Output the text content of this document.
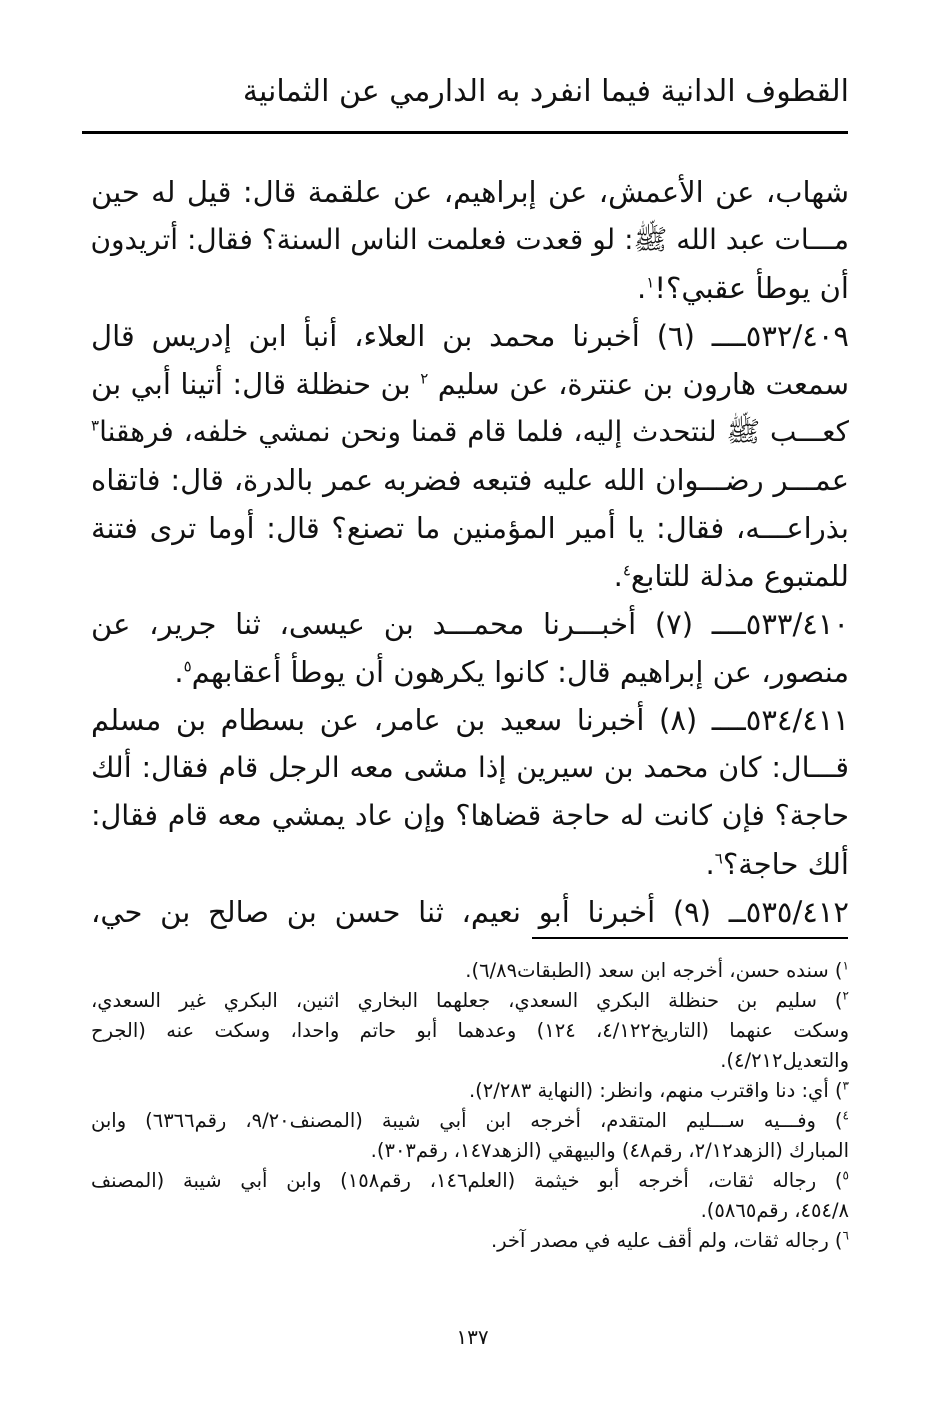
القطوف الدانية فيما انفرد به الدارمي عن الثمانية
شهاب، عن الأعمش، عن إبراهيم، عن علقمة قال: قيل له حين
مـــات عبد الله ﷺ: لو قعدت فعلمت الناس السنة؟ فقال: أتريدون
أن يوطأ عقبي؟!$^١$.
٥٣٢/٤٠٩ــــ (٦) أخبرنا محمد بن العلاء، أنبأ ابن إدريس قال
سمعت هارون بن عنترة، عن سليم $^٢$ بن حنظلة قال: أتينا أبي بن
كعـــب ﷺ لنتحدث إليه، فلما قام قمنا ونحن نمشي خلفه، فرهقنا$^٣$
عمـــر رضـــوان الله عليه فتبعه فضربه عمر بالدرة، قال: فاتقاه
بذراعـــه، فقال: يا أمير المؤمنين ما تصنع؟ قال: أوما ترى فتنة
للمتبوع مذلة للتابع$^٤$.
٥٣٣/٤١٠ــــ (٧) أخبـــرنا محمـــد بن عيسى، ثنا جرير، عن
منصور، عن إبراهيم قال: كانوا يكرهون أن يوطأ أعقابهم$^٥$.
٥٣٤/٤١١ــــ (٨) أخبرنا سعيد بن عامر، عن بسطام بن مسلم
قـــال: كان محمد بن سيرين إذا مشى معه الرجل قام فقال: ألك
حاجة؟ فإن كانت له حاجة قضاها؟ وإن عاد يمشي معه قام فقال:
ألك حاجة؟$^٦$.
٥٣٥/٤١٢ــ (٩) أخبرنا أبو نعيم، ثنا حسن بن صالح بن حي،
$^١$) سنده حسن، أخرجه ابن سعد (الطبقات٦/٨٩).
$^٢$) سليم بن حنظلة البكري السعدي، جعلهما البخاري اثنين، البكري غير السعدي،
وسكت عنهما (التاريخ٤/١٢٢، ١٢٤) وعدهما أبو حاتم واحدا، وسكت عنه (الجرح
والتعديل٤/٢١٢).
$^٣$) أي: دنا واقترب منهم، وانظر: (النهاية ٢/٢٨٣).
$^٤$) وفـــيه ســـليم المتقدم، أخرجه ابن أبي شيبة (المصنف٩/٢٠، رقم٦٣٦٦) وابن
المبارك (الزهد٢/١٢، رقم٤٨) والبيهقي (الزهد١٤٧، رقم٣٠٣).
$^٥$) رجاله ثقات، أخرجه أبو خيثمة (العلم١٤٦، رقم١٥٨) وابن أبي شيبة (المصنف
٤٥٤/٨، رقم٥٨٦٥).
$^٦$) رجاله ثقات، ولم أقف عليه في مصدر آخر.
١٣٧
